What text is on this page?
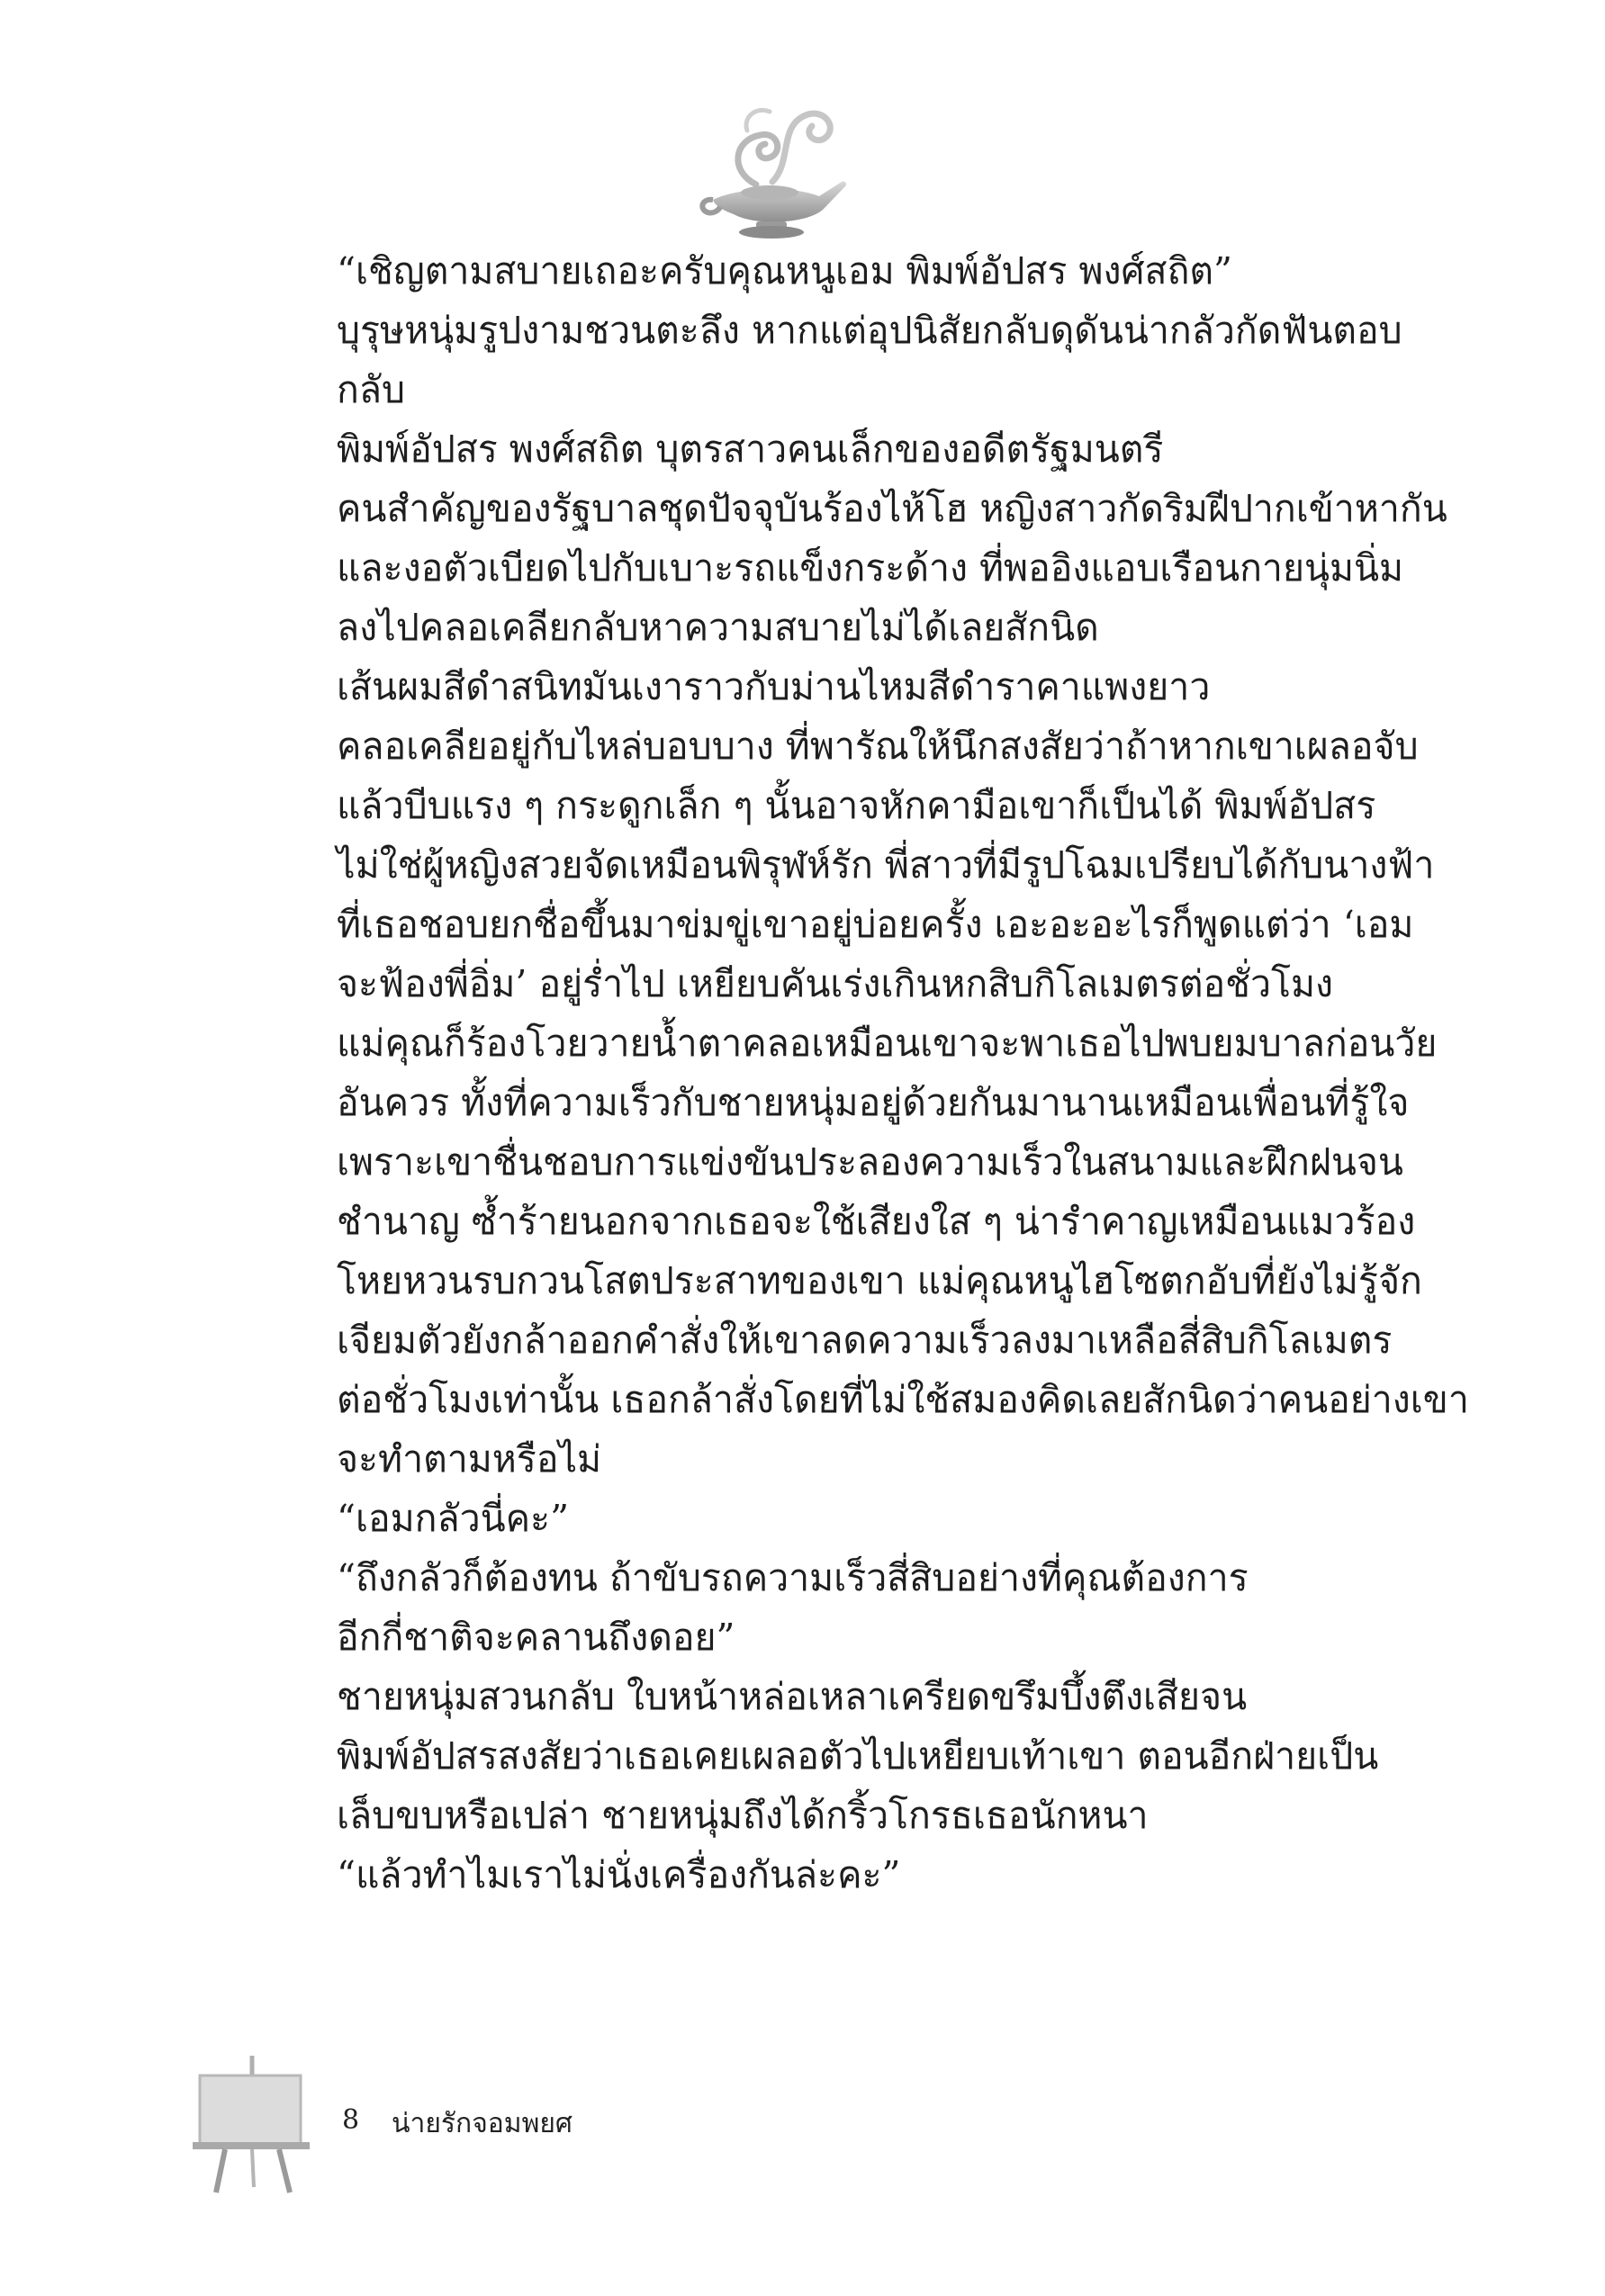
“เชิญตามสบายเถอะครับคุณหนูเอม พิมพ์อัปสร พงศ์สถิต”
บุรุษหนุ่มรูปงามชวนตะลึง หากแต่อุปนิสัยกลับดุดันน่ากลัวกัดฟันตอบ
กลับ

พิมพ์อัปสร พงศ์สถิต บุตรสาวคนเล็กของอดีตรัฐมนตรี
คนสำคัญของรัฐบาลชุดปัจจุบันร้องไห้โฮ หญิงสาวกัดริมฝีปากเข้าหากัน
และงอตัวเบียดไปกับเบาะรถแข็งกระด้าง ที่พออิงแอบเรือนกายนุ่มนิ่ม
ลงไปคลอเคลียกลับหาความสบายไม่ได้เลยสักนิด

เส้นผมสีดำสนิทมันเงาราวกับม่านไหมสีดำราคาแพงยาว
คลอเคลียอยู่กับไหล่บอบบาง ที่พารัณให้นึกสงสัยว่าถ้าหากเขาเผลอจับ
แล้วบีบแรง ๆ กระดูกเล็ก ๆ นั้นอาจหักคามือเขาก็เป็นได้ พิมพ์อัปสร
ไม่ใช่ผู้หญิงสวยจัดเหมือนพิรุฬห์รัก พี่สาวที่มีรูปโฉมเปรียบได้กับนางฟ้า
ที่เธอชอบยกชื่อขึ้นมาข่มขู่เขาอยู่บ่อยครั้ง เอะอะอะไรก็พูดแต่ว่า ‘เอม
จะฟ้องพี่อิ่ม’ อยู่ร่ำไป เหยียบคันเร่งเกินหกสิบกิโลเมตรต่อชั่วโมง
แม่คุณก็ร้องโวยวายน้ำตาคลอเหมือนเขาจะพาเธอไปพบยมบาลก่อนวัย
อันควร ทั้งที่ความเร็วกับชายหนุ่มอยู่ด้วยกันมานานเหมือนเพื่อนที่รู้ใจ
เพราะเขาชื่นชอบการแข่งขันประลองความเร็วในสนามและฝึกฝนจน
ชำนาญ ซ้ำร้ายนอกจากเธอจะใช้เสียงใส ๆ น่ารำคาญเหมือนแมวร้อง
โหยหวนรบกวนโสตประสาทของเขา แม่คุณหนูไฮโซตกอับที่ยังไม่รู้จัก
เจียมตัวยังกล้าออกคำสั่งให้เขาลดความเร็วลงมาเหลือสี่สิบกิโลเมตร
ต่อชั่วโมงเท่านั้น เธอกล้าสั่งโดยที่ไม่ใช้สมองคิดเลยสักนิดว่าคนอย่างเขา
จะทำตามหรือไม่

“เอมกลัวนี่คะ”

“ถึงกลัวก็ต้องทน ถ้าขับรถความเร็วสี่สิบอย่างที่คุณต้องการ
อีกกี่ชาติจะคลานถึงดอย”

ชายหนุ่มสวนกลับ ใบหน้าหล่อเหลาเครียดขรึมบึ้งตึงเสียจน
พิมพ์อัปสรสงสัยว่าเธอเคยเผลอตัวไปเหยียบเท้าเขา ตอนอีกฝ่ายเป็น
เล็บขบหรือเปล่า ชายหนุ่มถึงได้กริ้วโกรธเธอนักหนา

“แล้วทำไมเราไม่นั่งเครื่องกันล่ะคะ”

8 น่ายรักจอมพยศ
